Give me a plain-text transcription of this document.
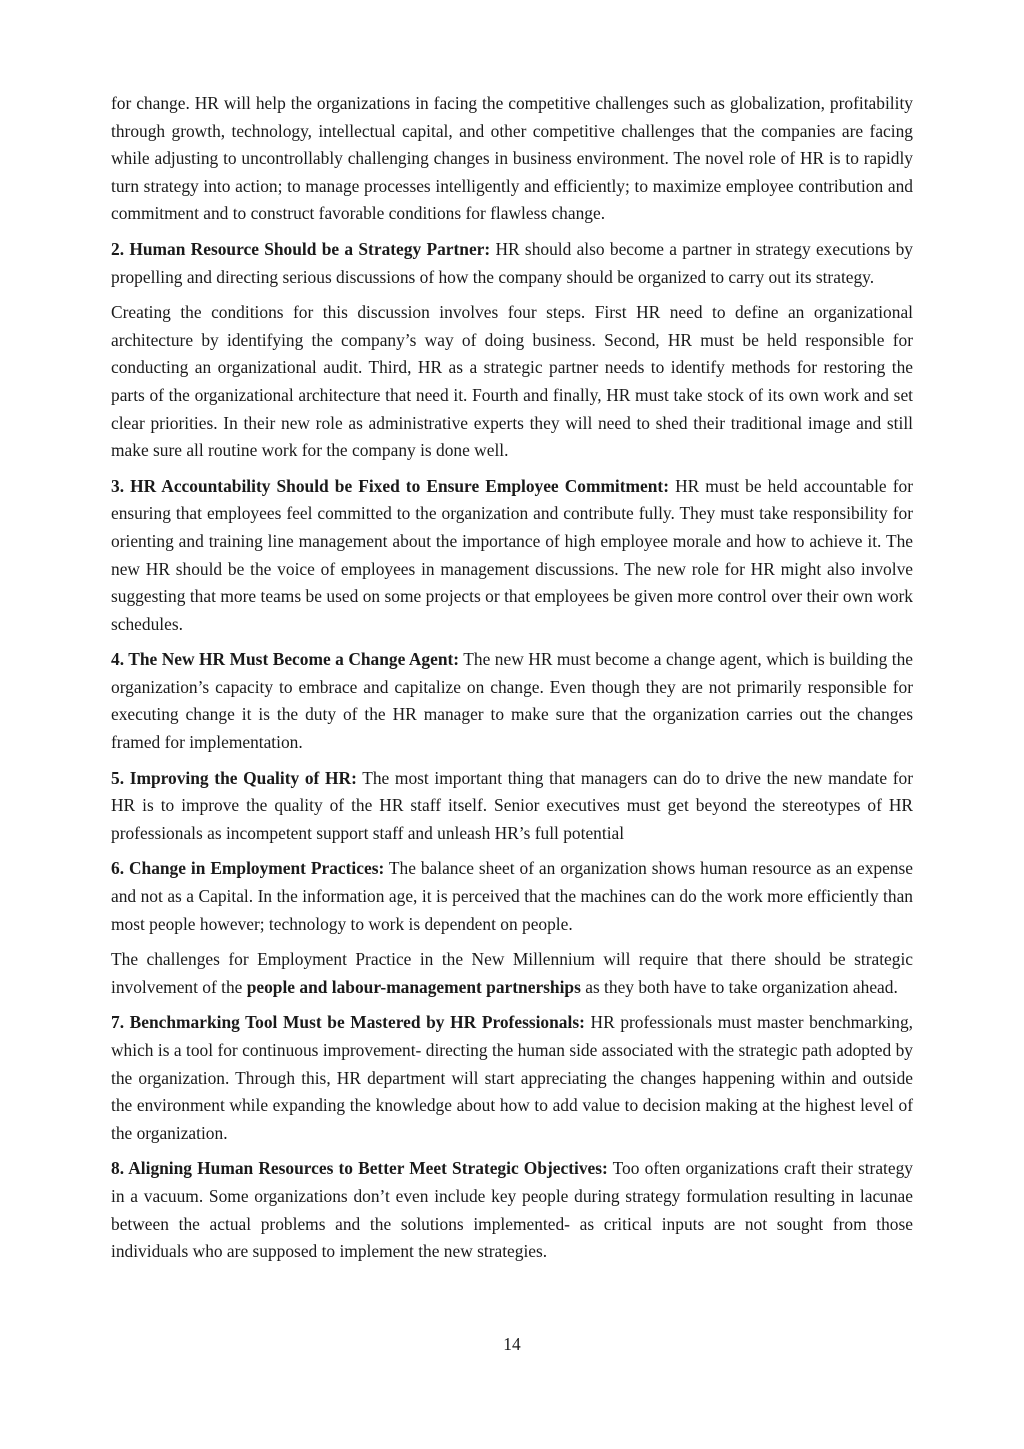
for change. HR will help the organizations in facing the competitive challenges such as globalization, profitability through growth, technology, intellectual capital, and other competitive challenges that the companies are facing while adjusting to uncontrollably challenging changes in business environment. The novel role of HR is to rapidly turn strategy into action; to manage processes intelligently and efficiently; to maximize employee contribution and commitment and to construct favorable conditions for flawless change.

2. Human Resource Should be a Strategy Partner: HR should also become a partner in strategy executions by propelling and directing serious discussions of how the company should be organized to carry out its strategy.

Creating the conditions for this discussion involves four steps. First HR need to define an organizational architecture by identifying the company’s way of doing business. Second, HR must be held responsible for conducting an organizational audit. Third, HR as a strategic partner needs to identify methods for restoring the parts of the organizational architecture that need it. Fourth and finally, HR must take stock of its own work and set clear priorities. In their new role as administrative experts they will need to shed their traditional image and still make sure all routine work for the company is done well.

3. HR Accountability Should be Fixed to Ensure Employee Commitment: HR must be held accountable for ensuring that employees feel committed to the organization and contribute fully. They must take responsibility for orienting and training line management about the importance of high employee morale and how to achieve it. The new HR should be the voice of employees in management discussions. The new role for HR might also involve suggesting that more teams be used on some projects or that employees be given more control over their own work schedules.

4. The New HR Must Become a Change Agent: The new HR must become a change agent, which is building the organization’s capacity to embrace and capitalize on change. Even though they are not primarily responsible for executing change it is the duty of the HR manager to make sure that the organization carries out the changes framed for implementation.

5. Improving the Quality of HR: The most important thing that managers can do to drive the new mandate for HR is to improve the quality of the HR staff itself. Senior executives must get beyond the stereotypes of HR professionals as incompetent support staff and unleash HR’s full potential

6. Change in Employment Practices: The balance sheet of an organization shows human resource as an expense and not as a Capital. In the information age, it is perceived that the machines can do the work more efficiently than most people however; technology to work is dependent on people.

The challenges for Employment Practice in the New Millennium will require that there should be strategic involvement of the people and labour-management partnerships as they both have to take organization ahead.

7. Benchmarking Tool Must be Mastered by HR Professionals: HR professionals must master benchmarking, which is a tool for continuous improvement- directing the human side associated with the strategic path adopted by the organization. Through this, HR department will start appreciating the changes happening within and outside the environment while expanding the knowledge about how to add value to decision making at the highest level of the organization.

8. Aligning Human Resources to Better Meet Strategic Objectives: Too often organizations craft their strategy in a vacuum. Some organizations don’t even include key people during strategy formulation resulting in lacunae between the actual problems and the solutions implemented- as critical inputs are not sought from those individuals who are supposed to implement the new strategies.

14
